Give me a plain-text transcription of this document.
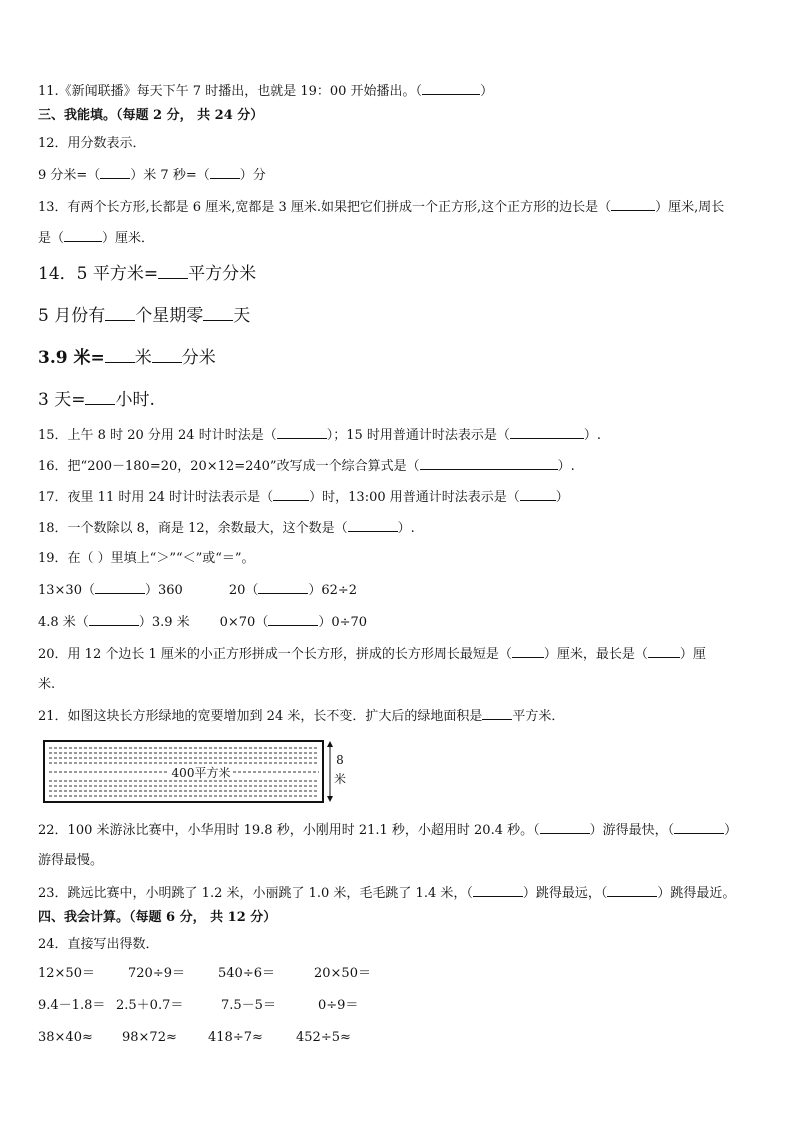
11.《新闻联播》每天下午 7 时播出，也就是 19：00 开始播出。（	）
三、我能填。（每题 2 分， 共 24 分）
12．用分数表示．
9 分米=（ ）米 7 秒=（ ）分
13．有两个长方形,长都是 6 厘米,宽都是 3 厘米.如果把它们拼成一个正方形,这个正方形的边长是（	）厘米,周长
是（	）厘米．
14．5 平方米= 平方分米
5 月份有 个星期零 天
3.9 米= 米 分米
3 天= 小时.
15．上午 8 时 20 分用 24 时计时法是（	）；15 时用普通计时法表示是（	）.
16．把“200－180=20，20×12=240”改写成一个综合算式是（	）.
17．夜里 11 时用 24 时计时法表示是（	）时，13:00 用普通计时法表示是（	）
18．一个数除以 8，商是 12，余数最大，这个数是（	）.
19．在（ ）里填上“＞”“＜”或“＝”。
13×30（	）360	20（	）62÷2
4.8 米（	）3.9 米 0×70（	）0÷70
20．用 12 个边长 1 厘米的小正方形拼成一个长方形，拼成的长方形周长最短是（ ）厘米，最长是（ ）厘
米.
21．如图这块长方形绿地的宽要增加到 24 米，长不变．扩大后的绿地面积是 平方米．
400平方米
8
米
22．100 米游泳比赛中，小华用时 19.8 秒，小刚用时 21.1 秒，小超用时 20.4 秒。（	）游得最快，（	）
游得最慢。
23．跳远比赛中，小明跳了 1.2 米，小丽跳了 1.0 米，毛毛跳了 1.4 米，（	）跳得最远，（	）跳得最近。
四、我会计算。（每题 6 分， 共 12 分）
24．直接写出得数．
12×50＝	720÷9＝	540÷6＝	20×50＝
9.4－1.8＝ 2.5＋0.7＝	7.5－5＝	0÷9＝
38×40≈ 98×72≈ 418÷7≈	452÷5≈
